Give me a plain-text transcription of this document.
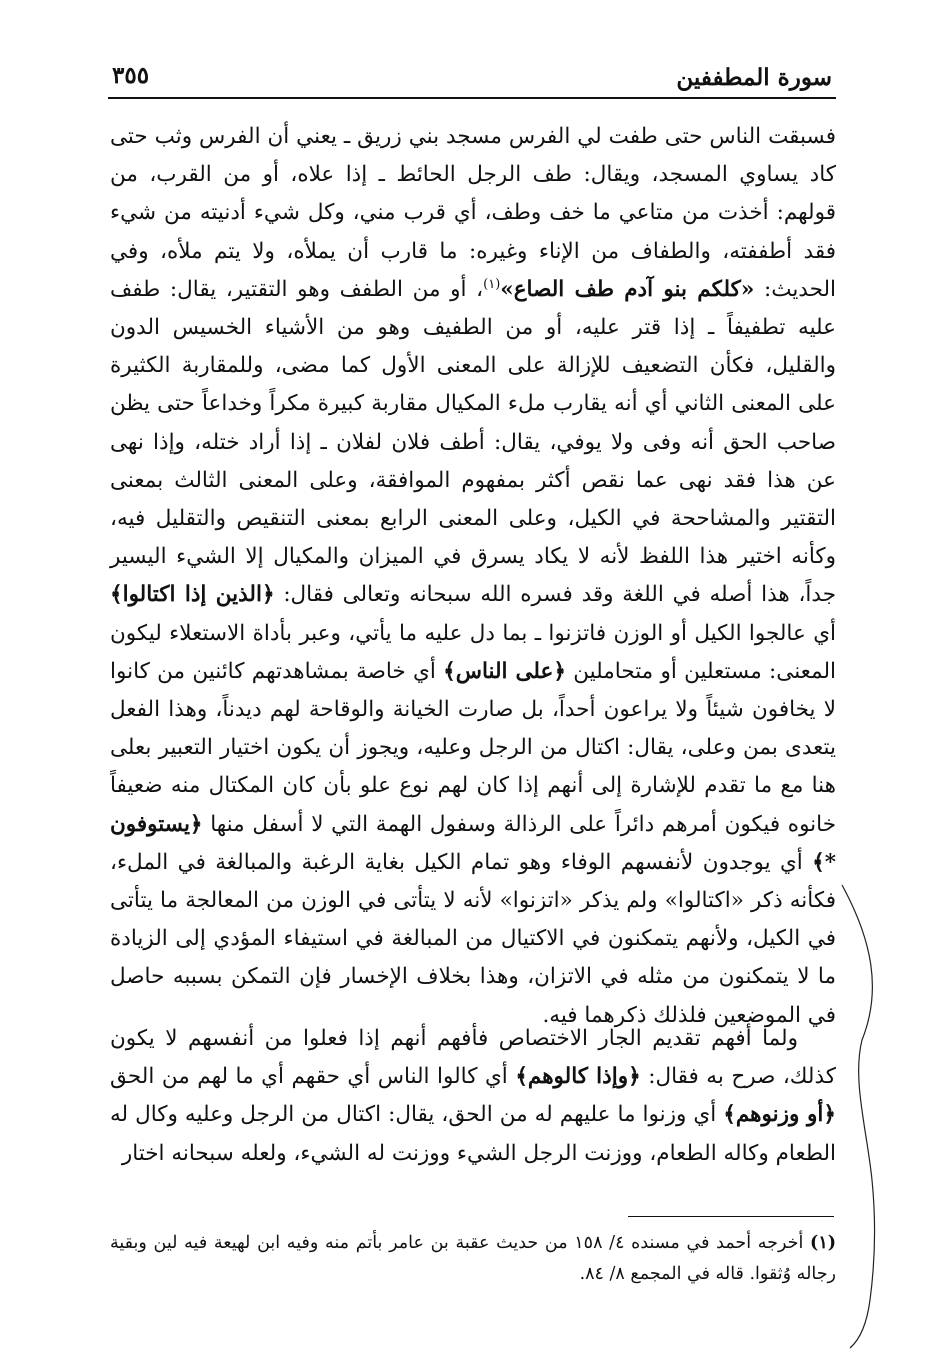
سورة المطففين
٣٥٥

فسبقت الناس حتى طفت لي الفرس مسجد بني زريق ـ يعني أن الفرس وثب حتى كاد يساوي المسجد، ويقال: طف الرجل الحائط ـ إذا علاه، أو من القرب، من قولهم: أخذت من متاعي ما خف وطف، أي قرب مني، وكل شيء أدنيته من شيء فقد أطففته، والطفاف من الإناء وغيره: ما قارب أن يملأه، ولا يتم ملأه، وفي الحديث: «كلكم بنو آدم طف الصاع»$^{(١)}$، أو من الطفف وهو التقتير، يقال: طفف عليه تطفيفاً ـ إذا قتر عليه، أو من الطفيف وهو من الأشياء الخسيس الدون والقليل، فكأن التضعيف للإزالة على المعنى الأول كما مضى، وللمقاربة الكثيرة على المعنى الثاني أي أنه يقارب ملء المكيال مقاربة كبيرة مكراً وخداعاً حتى يظن صاحب الحق أنه وفى ولا يوفي، يقال: أطف فلان لفلان ـ إذا أراد ختله، وإذا نهى عن هذا فقد نهى عما نقص أكثر بمفهوم الموافقة، وعلى المعنى الثالث بمعنى التقتير والمشاححة في الكيل، وعلى المعنى الرابع بمعنى التنقيص والتقليل فيه، وكأنه اختير هذا اللفظ لأنه لا يكاد يسرق في الميزان والمكيال إلا الشيء اليسير جداً، هذا أصله في اللغة وقد فسره الله سبحانه وتعالى فقال: ﴿الذين إذا اكتالوا﴾ أي عالجوا الكيل أو الوزن فاتزنوا ـ بما دل عليه ما يأتي، وعبر بأداة الاستعلاء ليكون المعنى: مستعلين أو متحاملين ﴿على الناس﴾ أي خاصة بمشاهدتهم كائنين من كانوا لا يخافون شيئاً ولا يراعون أحداً، بل صارت الخيانة والوقاحة لهم ديدناً، وهذا الفعل يتعدى بمن وعلى، يقال: اكتال من الرجل وعليه، ويجوز أن يكون اختيار التعبير بعلى هنا مع ما تقدم للإشارة إلى أنهم إذا كان لهم نوع علو بأن كان المكتال منه ضعيفاً خانوه فيكون أمرهم دائراً على الرذالة وسفول الهمة التي لا أسفل منها ﴿يستوفون *﴾ أي يوجدون لأنفسهم الوفاء وهو تمام الكيل بغاية الرغبة والمبالغة في الملء، فكأنه ذكر «اكتالوا» ولم يذكر «اتزنوا» لأنه لا يتأتى في الوزن من المعالجة ما يتأتى في الكيل، ولأنهم يتمكنون في الاكتيال من المبالغة في استيفاء المؤدي إلى الزيادة ما لا يتمكنون من مثله في الاتزان، وهذا بخلاف الإخسار فإن التمكن بسببه حاصل في الموضعين فلذلك ذكرهما فيه.

ولما أفهم تقديم الجار الاختصاص فأفهم أنهم إذا فعلوا من أنفسهم لا يكون كذلك، صرح به فقال: ﴿وإذا كالوهم﴾ أي كالوا الناس أي حقهم أي ما لهم من الحق ﴿أو وزنوهم﴾ أي وزنوا ما عليهم له من الحق، يقال: اكتال من الرجل وعليه وكال له الطعام وكاله الطعام، ووزنت الرجل الشيء ووزنت له الشيء، ولعله سبحانه اختار

(١) أخرجه أحمد في مسنده ٤/ ١٥٨ من حديث عقبة بن عامر بأتم منه وفيه ابن لهيعة فيه لين وبقية رجاله وُثقوا. قاله في المجمع ٨/ ٨٤.
